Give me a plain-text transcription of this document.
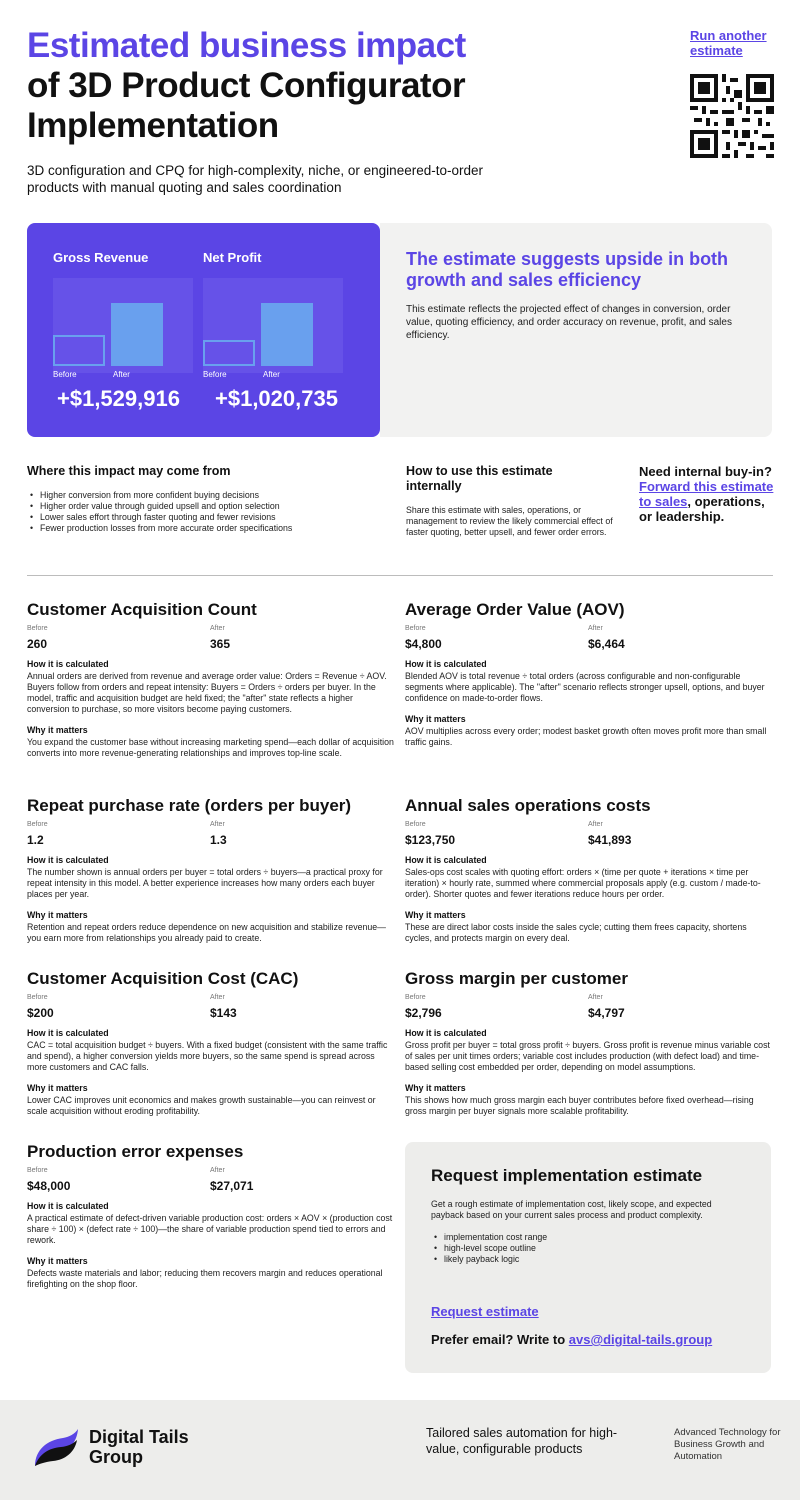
Estimated business impact
of 3D Product Configurator
Implementation
3D configuration and CPQ for high-complexity, niche, or engineered-to-order products with manual quoting and sales coordination
Run another estimate
Gross Revenue
Before	After
+$1,529,916
Net Profit
Before	After
+$1,020,735
The estimate suggests upside in both growth and sales efficiency
This estimate reflects the projected effect of changes in conversion, order value, quoting efficiency, and order accuracy on revenue, profit, and sales efficiency.
Where this impact may come from
• Higher conversion from more confident buying decisions
• Higher order value through guided upsell and option selection
• Lower sales effort through faster quoting and fewer revisions
• Fewer production losses from more accurate order specifications
How to use this estimate internally
Share this estimate with sales, operations, or management to review the likely commercial effect of faster quoting, better upsell, and fewer order errors.
Need internal buy-in? Forward this estimate to sales, operations, or leadership.
Customer Acquisition Count
Before
260
After
365
How it is calculated
Annual orders are derived from revenue and average order value: Orders = Revenue ÷ AOV. Buyers follow from orders and repeat intensity: Buyers = Orders ÷ orders per buyer. In the model, traffic and acquisition budget are held fixed; the "after" state reflects a higher conversion to purchase, so more visitors become paying customers.
Why it matters
You expand the customer base without increasing marketing spend—each dollar of acquisition converts into more revenue-generating relationships and improves top-line scale.
Average Order Value (AOV)
Before
$4,800
After
$6,464
How it is calculated
Blended AOV is total revenue ÷ total orders (across configurable and non-configurable segments where applicable). The "after" scenario reflects stronger upsell, options, and buyer confidence on made-to-order flows.
Why it matters
AOV multiplies across every order; modest basket growth often moves profit more than small traffic gains.
Repeat purchase rate (orders per buyer)
Before
1.2
After
1.3
How it is calculated
The number shown is annual orders per buyer = total orders ÷ buyers—a practical proxy for repeat intensity in this model. A better experience increases how many orders each buyer places per year.
Why it matters
Retention and repeat orders reduce dependence on new acquisition and stabilize revenue—you earn more from relationships you already paid to create.
Annual sales operations costs
Before
$123,750
After
$41,893
How it is calculated
Sales-ops cost scales with quoting effort: orders × (time per quote + iterations × time per iteration) × hourly rate, summed where commercial proposals apply (e.g. custom / made-to-order). Shorter quotes and fewer iterations reduce hours per order.
Why it matters
These are direct labor costs inside the sales cycle; cutting them frees capacity, shortens cycles, and protects margin on every deal.
Customer Acquisition Cost (CAC)
Before
$200
After
$143
How it is calculated
CAC = total acquisition budget ÷ buyers. With a fixed budget (consistent with the same traffic and spend), a higher conversion yields more buyers, so the same spend is spread across more customers and CAC falls.
Why it matters
Lower CAC improves unit economics and makes growth sustainable—you can reinvest or scale acquisition without eroding profitability.
Gross margin per customer
Before
$2,796
After
$4,797
How it is calculated
Gross profit per buyer = total gross profit ÷ buyers. Gross profit is revenue minus variable cost of sales per unit times orders; variable cost includes production (with defect load) and time-based selling cost embedded per order, depending on model assumptions.
Why it matters
This shows how much gross margin each buyer contributes before fixed overhead—rising gross margin per buyer signals more scalable profitability.
Production error expenses
Before
$48,000
After
$27,071
How it is calculated
A practical estimate of defect-driven variable production cost: orders × AOV × (production cost share ÷ 100) × (defect rate ÷ 100)—the share of variable production spend tied to errors and rework.
Why it matters
Defects waste materials and labor; reducing them recovers margin and reduces operational firefighting on the shop floor.
Request implementation estimate
Get a rough estimate of implementation cost, likely scope, and expected payback based on your current sales process and product complexity.
• implementation cost range
• high-level scope outline
• likely payback logic
Request estimate
Prefer email? Write to avs@digital-tails.group
Digital Tails Group
Tailored sales automation for high-value, configurable products
Advanced Technology for Business Growth and Automation
